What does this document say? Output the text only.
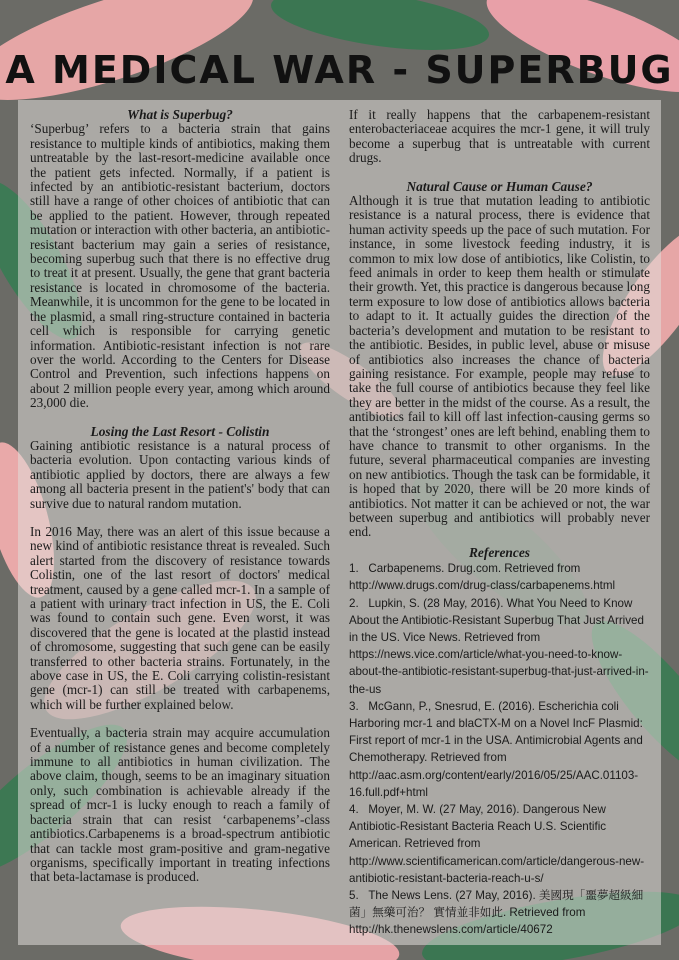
A MEDICAL WAR - SUPERBUG
What is Superbug?

‘Superbug’ refers to a bacteria strain that gains resistance to multiple kinds of antibiotics, making them untreatable by the last-resort-medicine available once the patient gets infected. Normally, if a patient is infected by an antibiotic-resistant bacterium, doctors still have a range of other choices of antibiotic that can be applied to the patient. However, through repeated mutation or interaction with other bacteria, an antibiotic-resistant bacterium may gain a series of resistance, becoming superbug such that there is no effective drug to treat it at present. Usually, the gene that grant bacteria resistance is located in chromosome of the bacteria. Meanwhile, it is uncommon for the gene to be located in the plasmid, a small ring-structure contained in bacteria cell which is responsible for carrying genetic information. Antibiotic-resistant infection is not rare over the world. According to the Centers for Disease Control and Prevention, such infections happens on about 2 million people every year, among which around 23,000 die.

Losing the Last Resort - Colistin

Gaining antibiotic resistance is a natural process of bacteria evolution. Upon contacting various kinds of antibiotic applied by doctors, there are always a few among all bacteria present in the patient's' body that can survive due to natural random mutation.

In 2016 May, there was an alert of this issue because a new kind of antibiotic resistance threat is revealed. Such alert started from the discovery of resistance towards Colistin, one of the last resort of doctors' medical treatment, caused by a gene called mcr-1. In a sample of a patient with urinary tract infection in US, the E. Coli was found to contain such gene. Even worst, it was discovered that the gene is located at the plastid instead of chromosome, suggesting that such gene can be easily transferred to other bacteria strains. Fortunately, in the above case in US, the E. Coli carrying colistin-resistant gene (mcr-1) can still be treated with carbapenems, which will be further explained below.

Eventually, a bacteria strain may acquire accumulation of a number of resistance genes and become completely immune to all antibiotics in human civilization. The above claim, though, seems to be an imaginary situation only, such combination is achievable already if the spread of mcr-1 is lucky enough to reach a family of bacteria strain that can resist ‘carbapenems’-class antibiotics.Carbapenems is a broad-spectrum antibiotic that can tackle most gram-positive and gram-negative organisms, specifically important in treating infections that beta-lactamase is produced.

If it really happens that the carbapenem-resistant enterobacteriaceae acquires the mcr-1 gene, it will truly become a superbug that is untreatable with current drugs.

Natural Cause or Human Cause?

Although it is true that mutation leading to antibiotic resistance is a natural process, there is evidence that human activity speeds up the pace of such mutation. For instance, in some livestock feeding industry, it is common to mix low dose of antibiotics, like Colistin, to feed animals in order to keep them health or stimulate their growth. Yet, this practice is dangerous because long term exposure to low dose of antibiotics allows bacteria to adapt to it. It actually guides the direction of the bacteria’s development and mutation to be resistant to the antibiotic. Besides, in public level, abuse or misuse of antibiotics also increases the chance of bacteria gaining resistance. For example, people may refuse to take the full course of antibiotics because they feel like they are better in the midst of the course. As a result, the antibiotics fail to kill off last infection-causing germs so that the ‘strongest’ ones are left behind, enabling them to have chance to transmit to other organisms. In the future, several pharmaceutical companies are investing on new antibiotics. Though the task can be formidable, it is hoped that by 2020, there will be 20 more kinds of antibiotics. Not matter it can be achieved or not, the war between superbug and antibiotics will probably never end.

References

1.   Carbapenems. Drug.com. Retrieved from http://www.drugs.com/drug-class/carbapenems.html

2.   Lupkin, S. (28 May, 2016). What You Need to Know About the Antibiotic-Resistant Superbug That Just Arrived in the US. Vice News. Retrieved from https://news.vice.com/article/what-you-need-to-know-about-the-antibiotic-resistant-superbug-that-just-arrived-in-the-us

3.   McGann, P., Snesrud, E. (2016). Escherichia coli Harboring mcr-1 and blaCTX-M on a Novel IncF Plasmid: First report of mcr-1 in the USA. Antimicrobial Agents and Chemotherapy. Retrieved from http://aac.asm.org/content/early/2016/05/25/AAC.01103-16.full.pdf+html

4.   Moyer, M. W. (27 May, 2016). Dangerous New Antibiotic-Resistant Bacteria Reach U.S. Scientific American. Retrieved from http://www.scientificamerican.com/article/dangerous-new-antibiotic-resistant-bacteria-reach-u-s/

5.   The News Lens. (27 May, 2016). 美國現「噩夢超級細菌」無藥可治？ 實情並非如此. Retrieved from http://hk.thenewslens.com/article/40672
